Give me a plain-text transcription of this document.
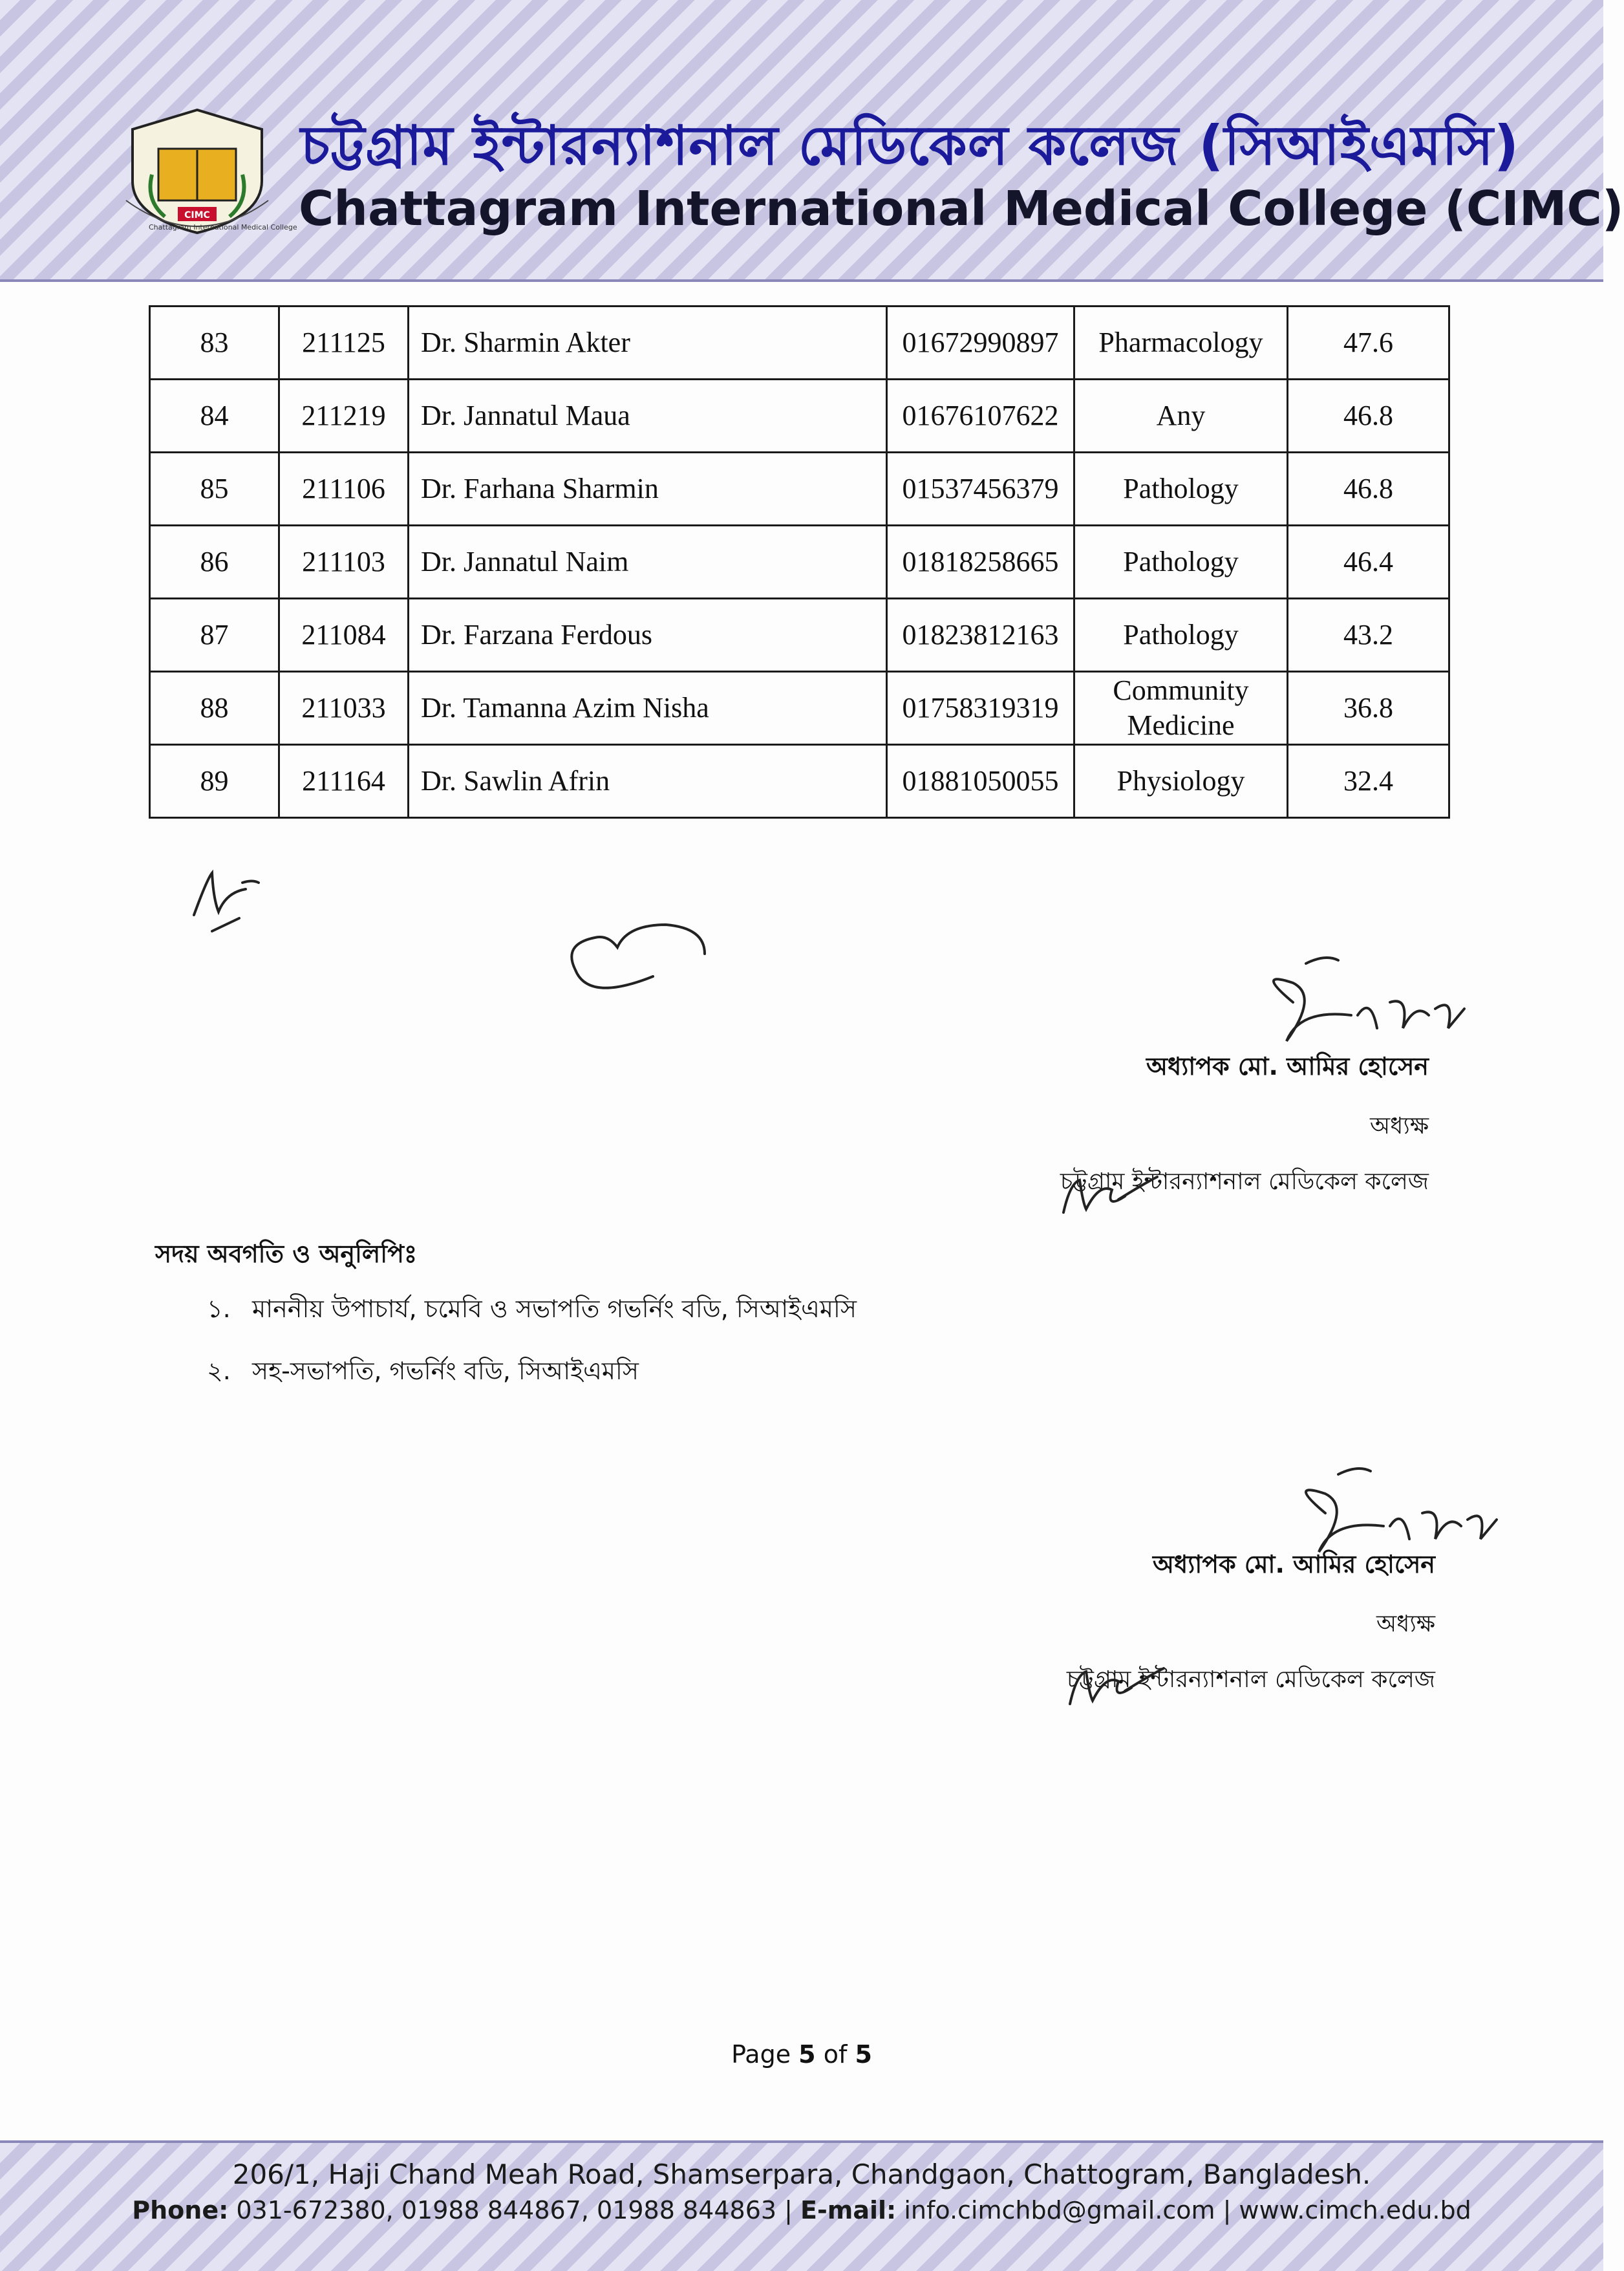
CIMC
Chattagram International Medical College
চট্টগ্রাম ইন্টারন্যাশনাল মেডিকেল কলেজ (সিআইএমসি)
Chattagram International Medical College (CIMC)
83	211125	Dr. Sharmin Akter	01672990897	Pharmacology	47.6
84	211219	Dr. Jannatul Maua	01676107622	Any	46.8
85	211106	Dr. Farhana Sharmin	01537456379	Pathology	46.8
86	211103	Dr. Jannatul Naim	01818258665	Pathology	46.4
87	211084	Dr. Farzana Ferdous	01823812163	Pathology	43.2
88	211033	Dr. Tamanna Azim Nisha	01758319319	Community Medicine	36.8
89	211164	Dr. Sawlin Afrin	01881050055	Physiology	32.4
অধ্যাপক মো. আমির হোসেন
অধ্যক্ষ
চট্টগ্রাম ইন্টারন্যাশনাল মেডিকেল কলেজ
সদয় অবগতি ও অনুলিপিঃ
১. মাননীয় উপাচার্য, চমেবি ও সভাপতি গভর্নিং বডি, সিআইএমসি
২. সহ-সভাপতি, গভর্নিং বডি, সিআইএমসি
অধ্যাপক মো. আমির হোসেন
অধ্যক্ষ
চট্টগ্রাম ইন্টারন্যাশনাল মেডিকেল কলেজ
Page 5 of 5
206/1, Haji Chand Meah Road, Shamserpara, Chandgaon, Chattogram, Bangladesh.
Phone: 031-672380, 01988 844867, 01988 844863 | E-mail: info.cimchbd@gmail.com | www.cimch.edu.bd
